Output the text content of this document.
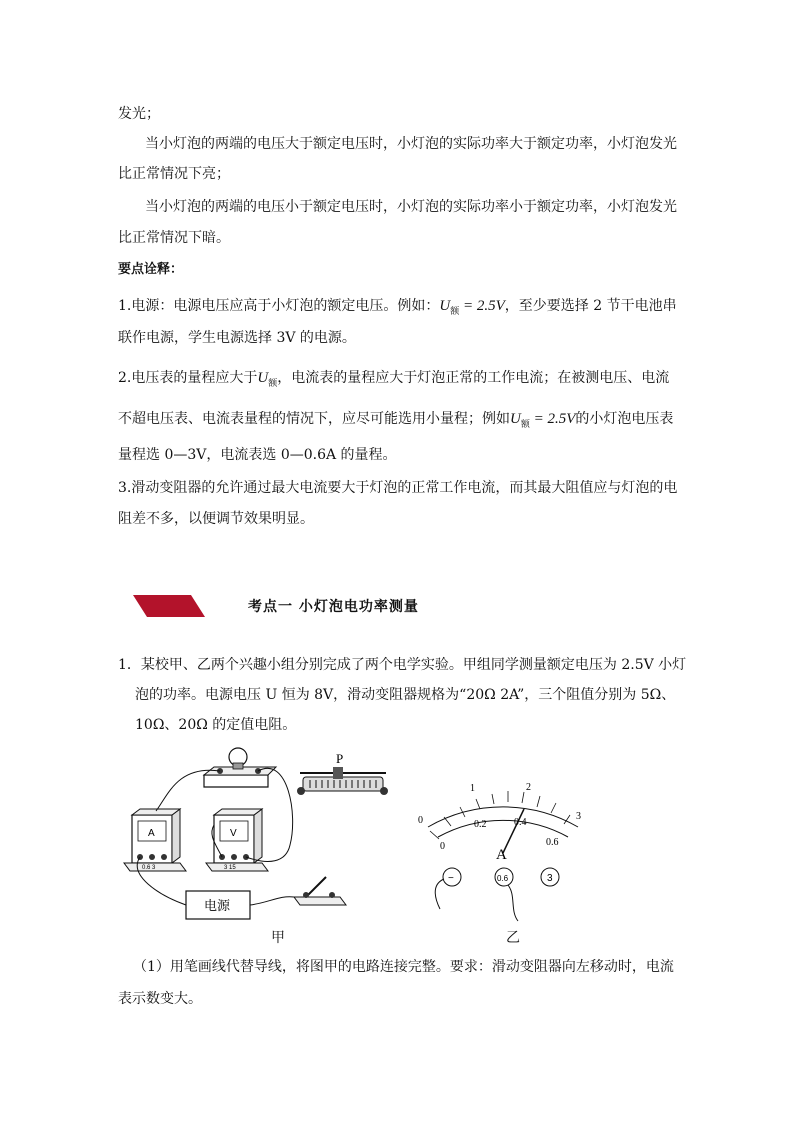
发光；
当小灯泡的两端的电压大于额定电压时，小灯泡的实际功率大于额定功率，小灯泡发光
比正常情况下亮；
当小灯泡的两端的电压小于额定电压时，小灯泡的实际功率小于额定功率，小灯泡发光
比正常情况下暗。
要点诠释：
1.电源：电源电压应高于小灯泡的额定电压。例如：$U_额 = 2.5V$，至少要选择 2 节干电池串
联作电源，学生电源选择 3V 的电源。
2.电压表的量程应大于$U_额$，电流表的量程应大于灯泡正常的工作电流；在被测电压、电流
不超电压表、电流表量程的情况下，应尽可能选用小量程；例如$U_额 = 2.5V$的小灯泡电压表
量程选 0—3V，电流表选 0—0.6A 的量程。
3.滑动变阻器的允许通过最大电流要大于灯泡的正常工作电流，而其最大阻值应与灯泡的电
阻差不多，以便调节效果明显。
考点一 小灯泡电功率测量
1．某校甲、乙两个兴趣小组分别完成了两个电学实验。甲组同学测量额定电压为 2.5V 小灯
泡的功率。电源电压 U 恒为 8V，滑动变阻器规格为“20Ω 2A”，三个阻值分别为 5Ω、
10Ω、20Ω 的定值电阻。
P
A
0.6 3
V
3 15
电源
0
1	2
3
0
0.2	0.4
0.6
A
−	0.6	3
甲	乙
（1）用笔画线代替导线，将图甲的电路连接完整。要求：滑动变阻器向左移动时，电流
表示数变大。
